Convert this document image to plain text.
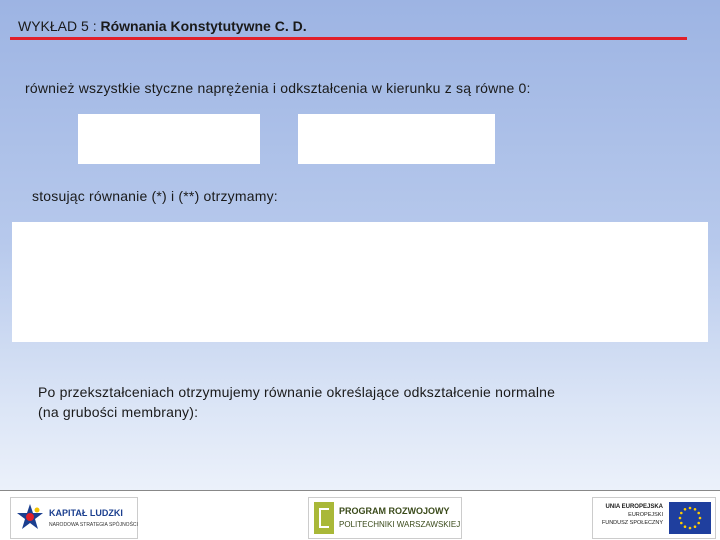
WYKŁAD 5 : Równania Konstytutywne C. D.
również wszystkie styczne naprężenia i odkształcenia w kierunku z są równe 0:
stosując równanie (*) i (**) otrzymamy:
Po przekształceniach otrzymujemy równanie określające odkształcenie normalne
(na grubości membrany):
KAPITAŁ LUDZKI
NARODOWA STRATEGIA SPÓJNOŚCI
PROGRAM ROZWOJOWY
POLITECHNIKI WARSZAWSKIEJ
UNIA EUROPEJSKA
EUROPEJSKI
FUNDUSZ SPOŁECZNY
